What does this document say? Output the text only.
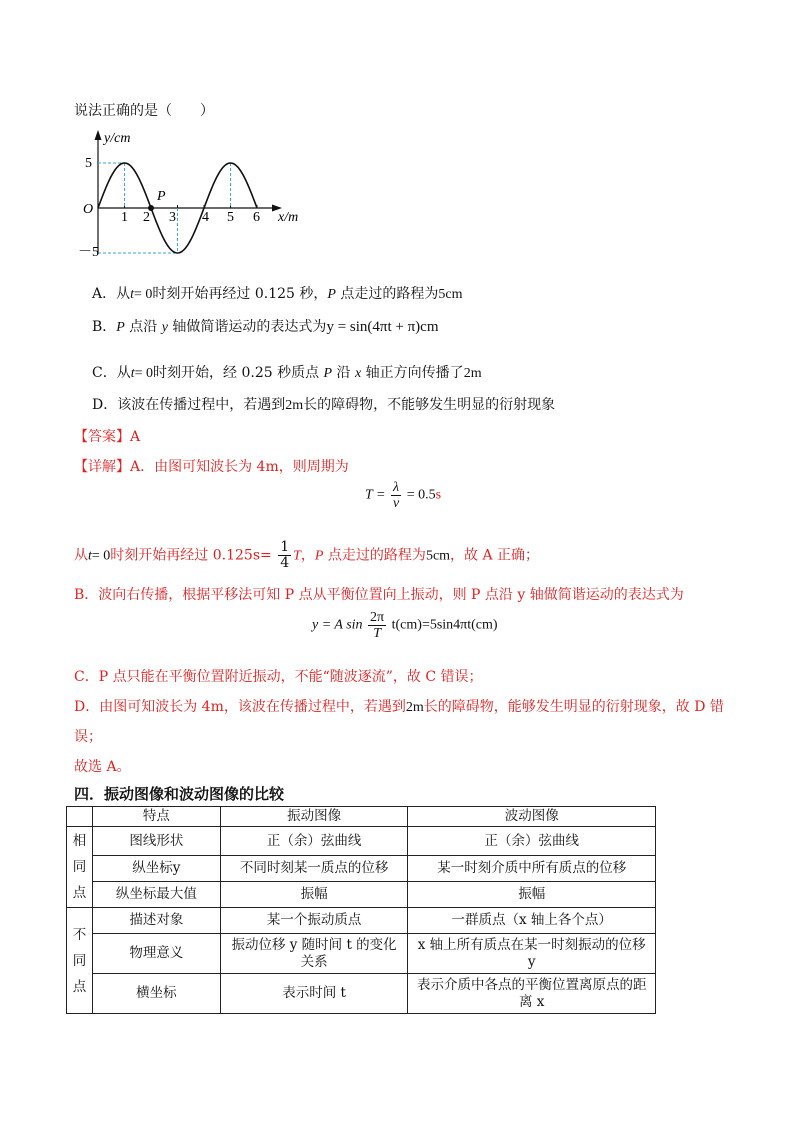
说法正确的是（　　）
y/cm
x/m
O
P
5
－5
1 2 3 4 5 6
A．从t= 0时刻开始再经过 0.125 秒，P 点走过的路程为5cm
B．P 点沿 y 轴做简谐运动的表达式为y = sin(4πt + π)cm
C．从t= 0时刻开始，经 0.25 秒质点 P 沿 x 轴正方向传播了2m
D．该波在传播过程中，若遇到2m长的障碍物，不能够发生明显的衍射现象
【答案】A
【详解】A．由图可知波长为 4m，则周期为
$T = \frac{\lambda}{v} = 0.5s$
从t= 0时刻开始再经过 $0.125s= \frac{1}{4}$ T，P 点走过的路程为5cm，故 A 正确；
B．波向右传播，根据平移法可知 P 点从平衡位置向上振动，则 P 点沿 y 轴做简谐运动的表达式为
y = A $\sin \frac{2\pi}{T} t(cm)=5\sin 4\pi t(cm)$
C．P 点只能在平衡位置附近振动，不能“随波逐流”，故 C 错误；
D．由图可知波长为 4m，该波在传播过程中，若遇到2m长的障碍物，能够发生明显的衍射现象，故 D 错
误；
故选 A。
四．振动图像和波动图像的比较
	特点	振动图像	波动图像
相
同
点	图线形状	正（余）弦曲线	正（余）弦曲线
	纵坐标y	不同时刻某一质点的位移	某一时刻介质中所有质点的位移
	纵坐标最大值	振幅	振幅
不
同
点	描述对象	某一个振动质点	一群质点（x 轴上各个点）
	物理意义	振动位移 y 随时间 t 的变化关系	x 轴上所有质点在某一时刻振动的位移 y
	横坐标	表示时间 t	表示介质中各点的平衡位置离原点的距离 x
